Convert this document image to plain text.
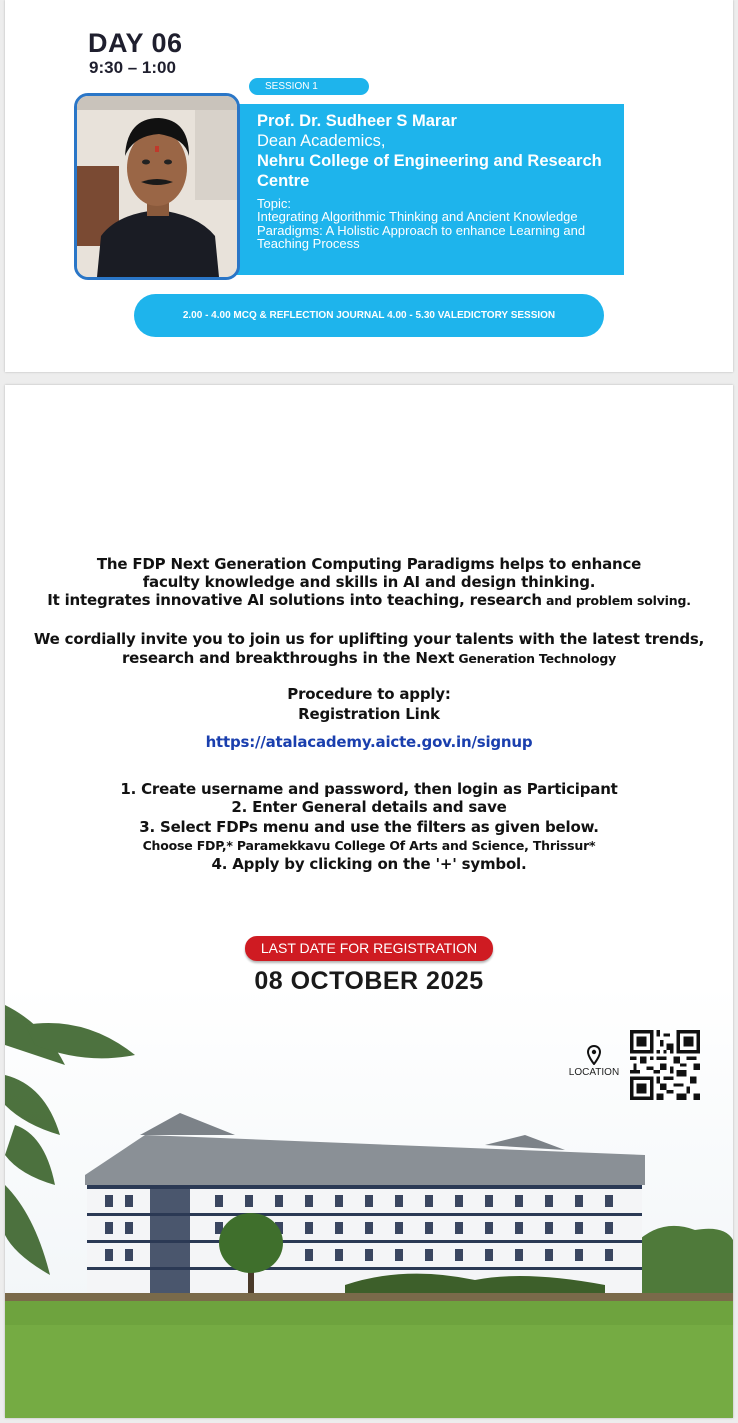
DAY 06
9:30 – 1:00
SESSION 1
Prof. Dr. Sudheer S Marar
Dean Academics,
Nehru College of Engineering and Research Centre
Topic:
Integrating Algorithmic Thinking and Ancient Knowledge Paradigms: A Holistic Approach to enhance Learning and Teaching Process
2.00 - 4.00 MCQ & REFLECTION JOURNAL 4.00 - 5.30 VALEDICTORY SESSION
The FDP Next Generation Computing Paradigms helps to enhance
faculty knowledge and skills in AI and design thinking.
It integrates innovative AI solutions into teaching, research and problem solving.
We cordially invite you to join us for uplifting your talents with the latest trends,
research and breakthroughs in the Next Generation Technology
Procedure to apply:
Registration Link
https://atalacademy.aicte.gov.in/signup
1. Create username and password, then login as Participant
2. Enter General details and save
3. Select FDPs menu and use the filters as given below.
Choose FDP,* Paramekkavu College Of Arts and Science, Thrissur*
4. Apply by clicking on the '+' symbol.
LAST DATE FOR REGISTRATION
08 OCTOBER 2025
LOCATION
